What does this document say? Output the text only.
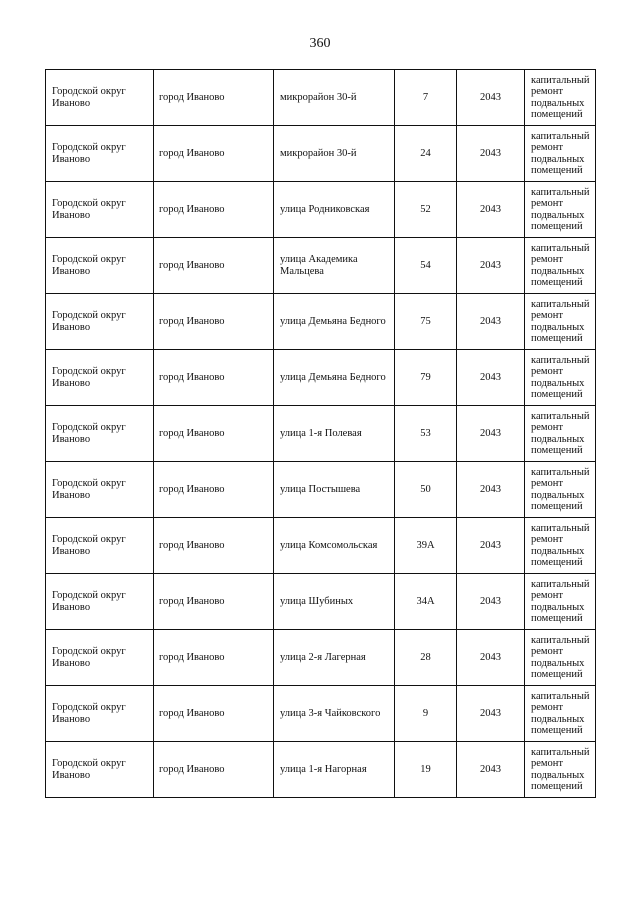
360
Городской округ Иваново	город Иваново	микрорайон 30-й	7	2043	капитальный ремонт подвальных помещений
Городской округ Иваново	город Иваново	микрорайон 30-й	24	2043	капитальный ремонт подвальных помещений
Городской округ Иваново	город Иваново	улица Родниковская	52	2043	капитальный ремонт подвальных помещений
Городской округ Иваново	город Иваново	улица Академика Мальцева	54	2043	капитальный ремонт подвальных помещений
Городской округ Иваново	город Иваново	улица Демьяна Бедного	75	2043	капитальный ремонт подвальных помещений
Городской округ Иваново	город Иваново	улица Демьяна Бедного	79	2043	капитальный ремонт подвальных помещений
Городской округ Иваново	город Иваново	улица 1-я Полевая	53	2043	капитальный ремонт подвальных помещений
Городской округ Иваново	город Иваново	улица Постышева	50	2043	капитальный ремонт подвальных помещений
Городской округ Иваново	город Иваново	улица Комсомольская	39А	2043	капитальный ремонт подвальных помещений
Городской округ Иваново	город Иваново	улица Шубиных	34А	2043	капитальный ремонт подвальных помещений
Городской округ Иваново	город Иваново	улица 2-я Лагерная	28	2043	капитальный ремонт подвальных помещений
Городской округ Иваново	город Иваново	улица 3-я Чайковского	9	2043	капитальный ремонт подвальных помещений
Городской округ Иваново	город Иваново	улица 1-я Нагорная	19	2043	капитальный ремонт подвальных помещений
